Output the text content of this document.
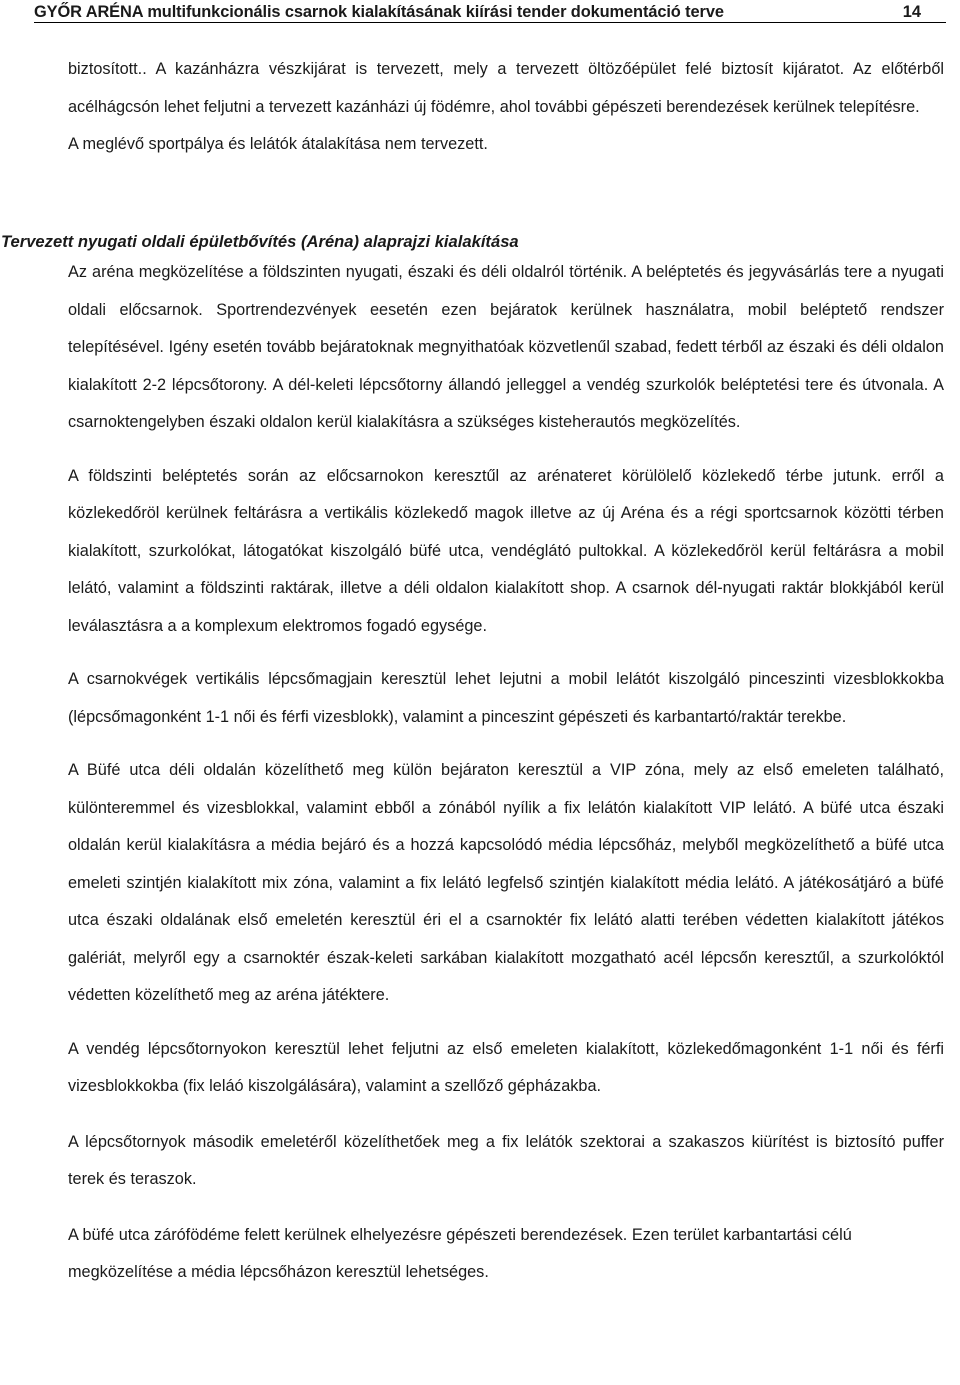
GYŐR ARÉNA multifunkcionális csarnok kialakításának kiírási tender dokumentáció terve	14

biztosított.. A kazánházra vészkijárat is tervezett, mely a tervezett öltözőépület felé biztosít kijáratot. Az előtérből acélhágcsón lehet feljutni a tervezett kazánházi új födémre, ahol további gépészeti berendezések kerülnek telepítésre.

A meglévő sportpálya és lelátók átalakítása nem tervezett.

Tervezett nyugati oldali épületbővítés (Aréna) alaprajzi kialakítása

Az aréna megközelítése a földszinten nyugati, északi és déli oldalról történik. A beléptetés és jegyvásárlás tere a nyugati oldali előcsarnok. Sportrendezvények eesetén ezen bejáratok kerülnek használatra, mobil beléptető rendszer telepítésével. Igény esetén tovább bejáratoknak megnyithatóak közvetlenűl szabad, fedett térből az északi és déli oldalon kialakított 2-2 lépcsőtorony. A dél-keleti lépcsőtorny állandó jelleggel a vendég szurkolók beléptetési tere és útvonala. A csarnoktengelyben északi oldalon kerül kialakításra a szükséges kisteherautós megközelítés.

A földszinti beléptetés során az előcsarnokon keresztűl az arénateret körülölelő közlekedő térbe jutunk. erről a közlekedőröl kerülnek feltárásra a vertikális közlekedő magok illetve az új Aréna és a régi sportcsarnok közötti térben kialakított, szurkolókat, látogatókat kiszolgáló büfé utca, vendéglátó pultokkal. A közlekedőröl kerül feltárásra a mobil lelátó, valamint a földszinti raktárak, illetve a déli oldalon kialakított shop. A csarnok dél-nyugati raktár blokkjából kerül leválasztásra a a komplexum elektromos fogadó egysége.

A csarnokvégek vertikális lépcsőmagjain keresztül lehet lejutni a mobil lelátót kiszolgáló pinceszinti vizesblokkokba (lépcsőmagonként 1-1 női és férfi vizesblokk), valamint a pinceszint gépészeti és karbantartó/raktár terekbe.

A Büfé utca déli oldalán közelíthető meg külön bejáraton keresztül a VIP zóna, mely az első emeleten található, különteremmel és vizesblokkal, valamint ebből a zónából nyílik a fix lelátón kialakított VIP lelátó. A büfé utca északi oldalán kerül kialakításra a média bejáró és a hozzá kapcsolódó média lépcsőház, melyből megközelíthető a büfé utca emeleti szintjén kialakított mix zóna, valamint a fix lelátó legfelső szintjén kialakított média lelátó. A játékosátjáró a büfé utca északi oldalának első emeletén keresztül éri el a csarnoktér fix lelátó alatti terében védetten kialakított játékos galériát, melyről egy a csarnoktér észak-keleti sarkában kialakított mozgatható acél lépcsőn keresztűl, a szurkolóktól védetten közelíthető meg az aréna játéktere.

A vendég lépcsőtornyokon keresztül lehet feljutni az első emeleten kialakított, közlekedőmagonként 1-1 női és férfi vizesblokkokba (fix leláó kiszolgálására), valamint a szellőző gépházakba.

A lépcsőtornyok második emeletéről közelíthetőek meg a fix lelátók szektorai a szakaszos kiürítést is biztosító puffer terek és teraszok.

A büfé utca zárófödéme felett kerülnek elhelyezésre gépészeti berendezések. Ezen terület karbantartási célú megközelítése a média lépcsőházon keresztül lehetséges.
